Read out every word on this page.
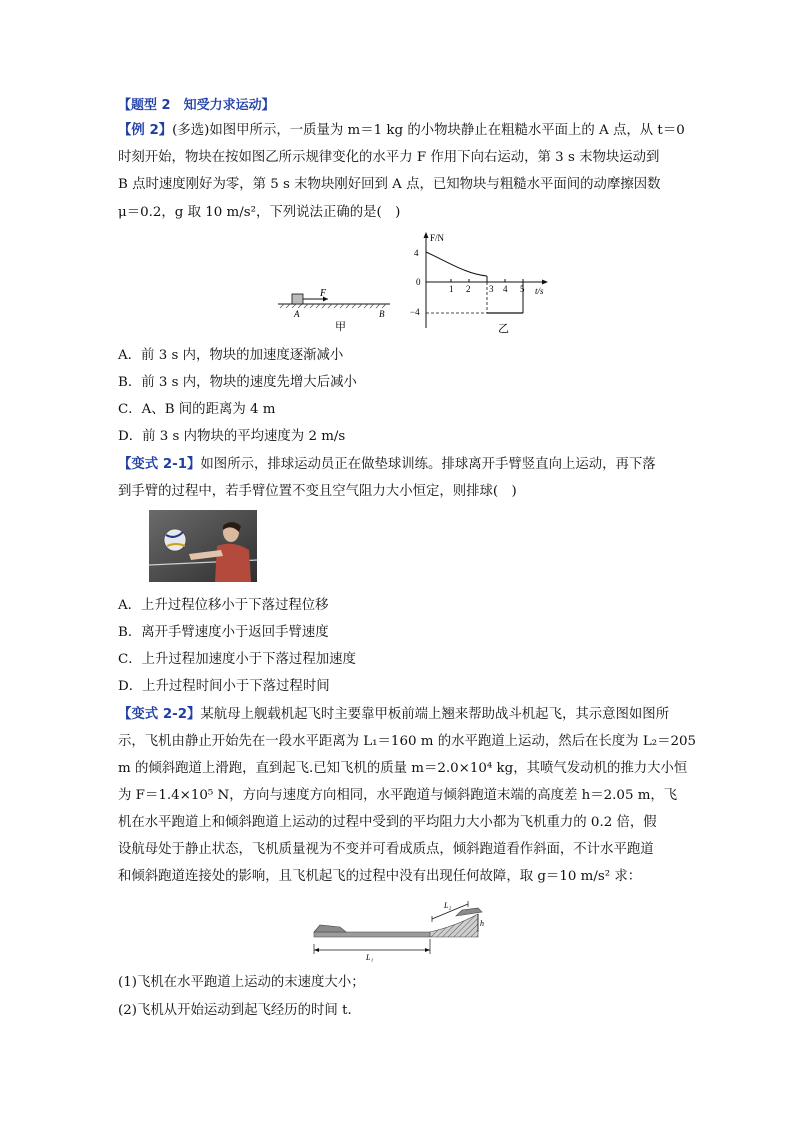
【题型 2　知受力求运动】
【例 2】(多选)如图甲所示，一质量为 m＝1 kg 的小物块静止在粗糙水平面上的 A 点，从 t＝0
时刻开始，物块在按如图乙所示规律变化的水平力 F 作用下向右运动，第 3 s 末物块运动到
B 点时速度刚好为零，第 5 s 末物块刚好回到 A 点，已知物块与粗糙水平面间的动摩擦因数
μ＝0.2，g 取 10 m/s²，下列说法正确的是(　)
F
A	B
甲
F/N
t/s
4
0
−4
1 2 3 4 5
乙
A．前 3 s 内，物块的加速度逐渐减小
B．前 3 s 内，物块的速度先增大后减小
C．A、B 间的距离为 4 m
D．前 3 s 内物块的平均速度为 2 m/s
【变式 2-1】如图所示，排球运动员正在做垫球训练。排球离开手臂竖直向上运动，再下落
到手臂的过程中，若手臂位置不变且空气阻力大小恒定，则排球(　)
A．上升过程位移小于下落过程位移
B．离开手臂速度小于返回手臂速度
C．上升过程加速度小于下落过程加速度
D．上升过程时间小于下落过程时间
【变式 2-2】某航母上舰载机起飞时主要靠甲板前端上翘来帮助战斗机起飞，其示意图如图所
示，飞机由静止开始先在一段水平距离为 L₁＝160 m 的水平跑道上运动，然后在长度为 L₂＝205
m 的倾斜跑道上滑跑，直到起飞.已知飞机的质量 m＝2.0×10⁴ kg，其喷气发动机的推力大小恒
为 F＝1.4×10⁵ N，方向与速度方向相同，水平跑道与倾斜跑道末端的高度差 h＝2.05 m，飞
机在水平跑道上和倾斜跑道上运动的过程中受到的平均阻力大小都为飞机重力的 0.2 倍，假
设航母处于静止状态，飞机质量视为不变并可看成质点，倾斜跑道看作斜面，不计水平跑道
和倾斜跑道连接处的影响，且飞机起飞的过程中没有出现任何故障，取 g＝10 m/s² 求：
L₂
h
L₁
(1)飞机在水平跑道上运动的末速度大小；
(2)飞机从开始运动到起飞经历的时间 t.
